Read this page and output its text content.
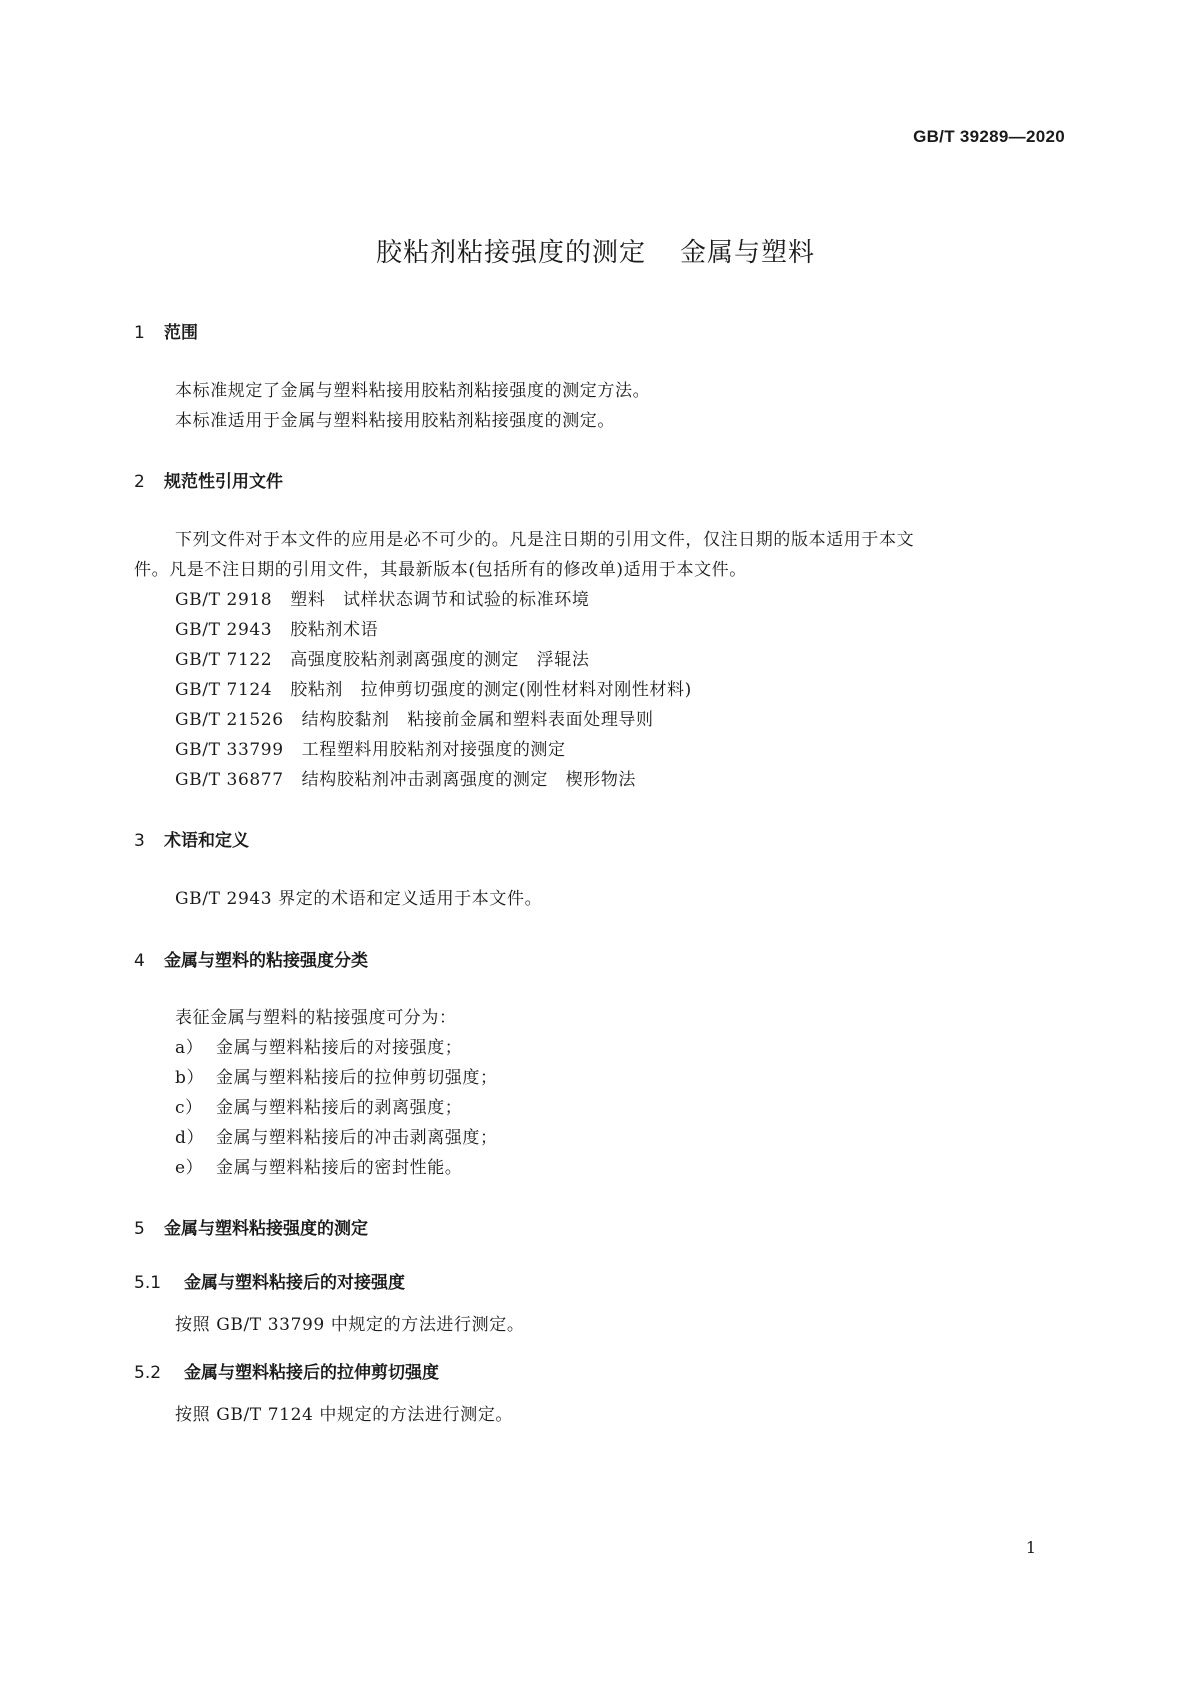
GB/T 39289—2020
胶粘剂粘接强度的测定 金属与塑料
1 范围
本标准规定了金属与塑料粘接用胶粘剂粘接强度的测定方法。
本标准适用于金属与塑料粘接用胶粘剂粘接强度的测定。
2 规范性引用文件
下列文件对于本文件的应用是必不可少的。凡是注日期的引用文件，仅注日期的版本适用于本文
件。凡是不注日期的引用文件，其最新版本(包括所有的修改单)适用于本文件。
GB/T 2918 塑料　试样状态调节和试验的标准环境
GB/T 2943 胶粘剂术语
GB/T 7122 高强度胶粘剂剥离强度的测定　浮辊法
GB/T 7124 胶粘剂　拉伸剪切强度的测定(刚性材料对刚性材料)
GB/T 21526 结构胶黏剂　粘接前金属和塑料表面处理导则
GB/T 33799 工程塑料用胶粘剂对接强度的测定
GB/T 36877 结构胶粘剂冲击剥离强度的测定　楔形物法
3 术语和定义
GB/T 2943 界定的术语和定义适用于本文件。
4 金属与塑料的粘接强度分类
表征金属与塑料的粘接强度可分为：
a） 金属与塑料粘接后的对接强度；
b） 金属与塑料粘接后的拉伸剪切强度；
c） 金属与塑料粘接后的剥离强度；
d） 金属与塑料粘接后的冲击剥离强度；
e） 金属与塑料粘接后的密封性能。
5 金属与塑料粘接强度的测定
5.1 金属与塑料粘接后的对接强度
按照 GB/T 33799 中规定的方法进行测定。
5.2 金属与塑料粘接后的拉伸剪切强度
按照 GB/T 7124 中规定的方法进行测定。
1
